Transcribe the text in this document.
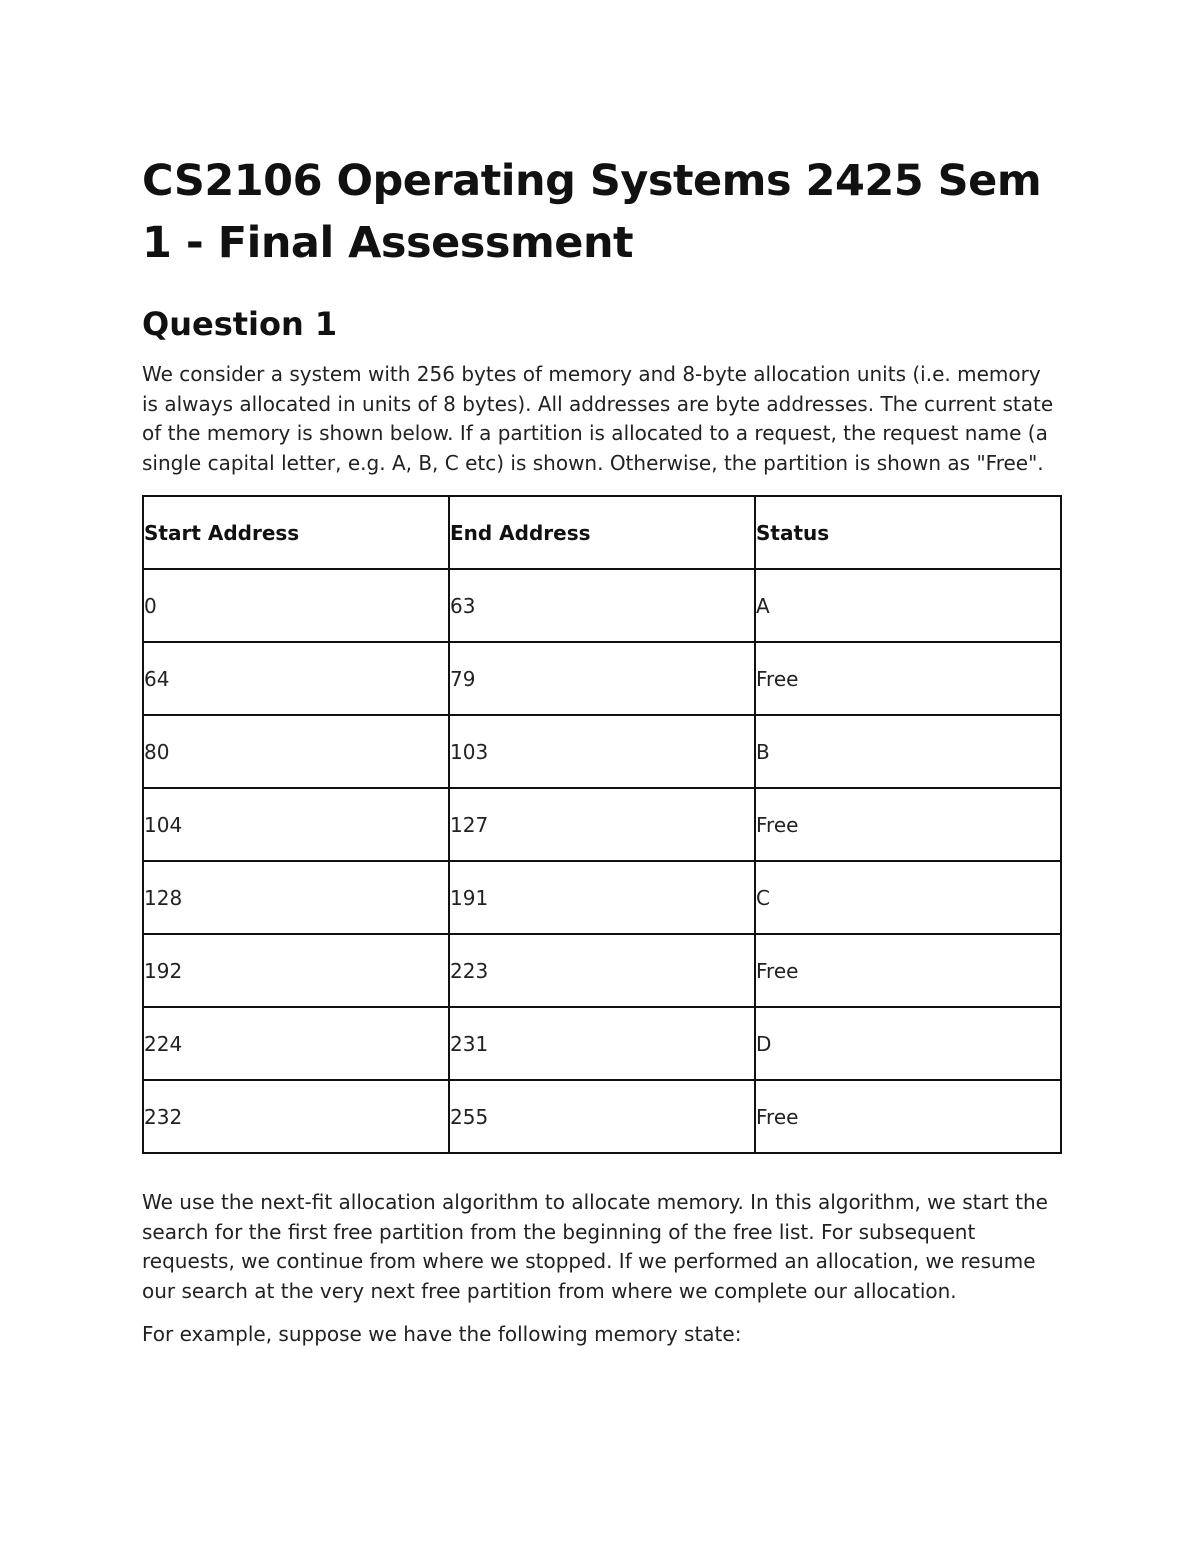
CS2106 Operating Systems 2425 Sem 1 - Final Assessment
Question 1

We consider a system with 256 bytes of memory and 8-byte allocation units (i.e. memory is always allocated in units of 8 bytes). All addresses are byte addresses. The current state of the memory is shown below. If a partition is allocated to a request, the request name (a single capital letter, e.g. A, B, C etc) is shown. Otherwise, the partition is shown as "Free".

Start Address	End Address	Status
0	63	A
64	79	Free
80	103	B
104	127	Free
128	191	C
192	223	Free
224	231	D
232	255	Free

We use the next-fit allocation algorithm to allocate memory. In this algorithm, we start the search for the first free partition from the beginning of the free list. For subsequent requests, we continue from where we stopped. If we performed an allocation, we resume our search at the very next free partition from where we complete our allocation.

For example, suppose we have the following memory state:
